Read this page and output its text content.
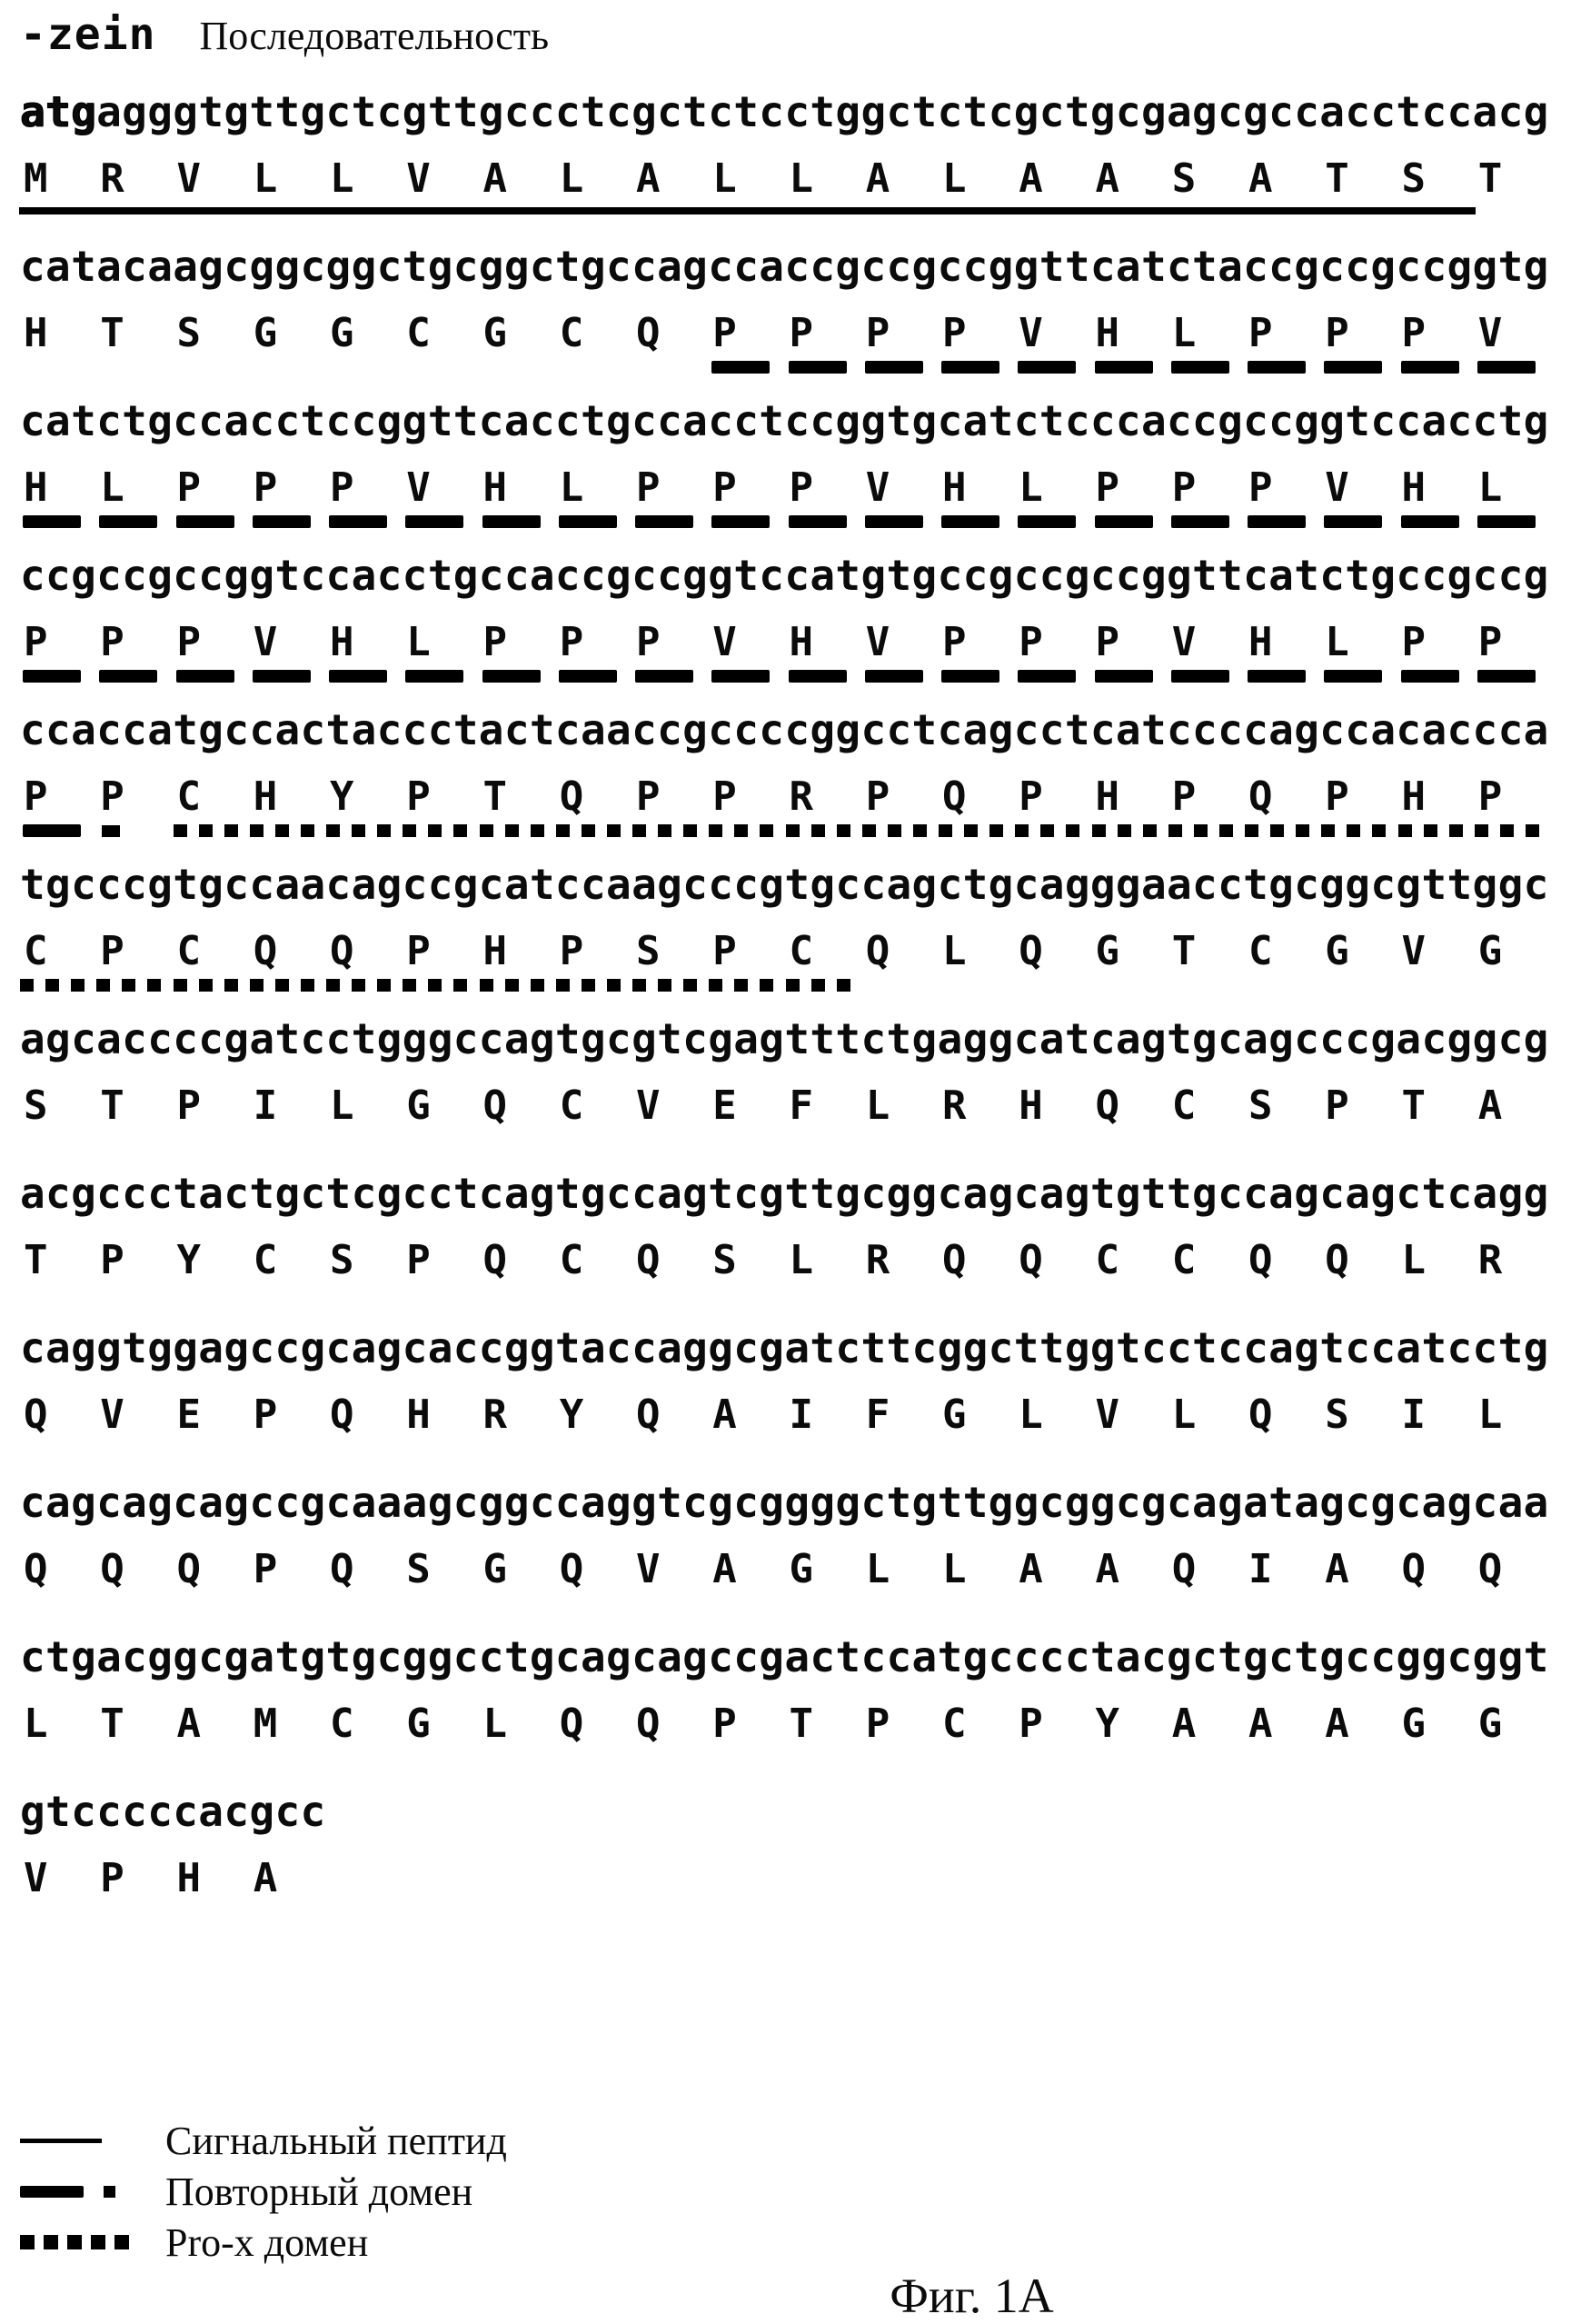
-zein Последовательность
atgagggtgttgctcgttgccctcgctctcctggctctcgctgcgagcgccacctccacg
M	R	V	L	L	V	A	L	A	L	L	A	L	A	A	S	A	T	S	T
catacaagcggcggctgcggctgccagccaccgccgccggttcatctaccgccgccggtg
H	T	S	G	G	C	G	C	Q	P	P	P	P	V	H	L	P	P	P	V
catctgccacctccggttcacctgccacctccggtgcatctcccaccgccggtccacctg
H	L	P	P	P	V	H	L	P	P	P	V	H	L	P	P	P	V	H	L
ccgccgccggtccacctgccaccgccggtccatgtgccgccgccggttcatctgccgccg
P	P	P	V	H	L	P	P	P	V	H	V	P	P	P	V	H	L	P	P
ccaccatgccactaccctactcaaccgccccggcctcagcctcatccccagccacaccca
P	P	C	H	Y	P	T	Q	P	P	R	P	Q	P	H	P	Q	P	H	P
tgcccgtgccaacagccgcatccaagcccgtgccagctgcagggaacctgcggcgttggc
C	P	C	Q	Q	P	H	P	S	P	C	Q	L	Q	G	T	C	G	V	G
agcaccccgatcctgggccagtgcgtcgagtttctgaggcatcagtgcagcccgacggcg
S	T	P	I	L	G	Q	C	V	E	F	L	R	H	Q	C	S	P	T	A
acgccctactgctcgcctcagtgccagtcgttgcggcagcagtgttgccagcagctcagg
T	P	Y	C	S	P	Q	C	Q	S	L	R	Q	Q	C	C	Q	Q	L	R
caggtggagccgcagcaccggtaccaggcgatcttcggcttggtcctccagtccatcctg
Q	V	E	P	Q	H	R	Y	Q	A	I	F	G	L	V	L	Q	S	I	L
cagcagcagccgcaaagcggccaggtcgcggggctgttggcggcgcagatagcgcagcaa
Q	Q	Q	P	Q	S	G	Q	V	A	G	L	L	A	A	Q	I	A	Q	Q
ctgacggcgatgtgcggcctgcagcagccgactccatgcccctacgctgctgccggcggt
L	T	A	M	C	G	L	Q	Q	P	T	P	C	P	Y	A	A	A	G	G
gtcccccacgcc
V	P	H	A
Сигнальный пептид
Повторный домен
Pro-x домен
Фиг. 1А
